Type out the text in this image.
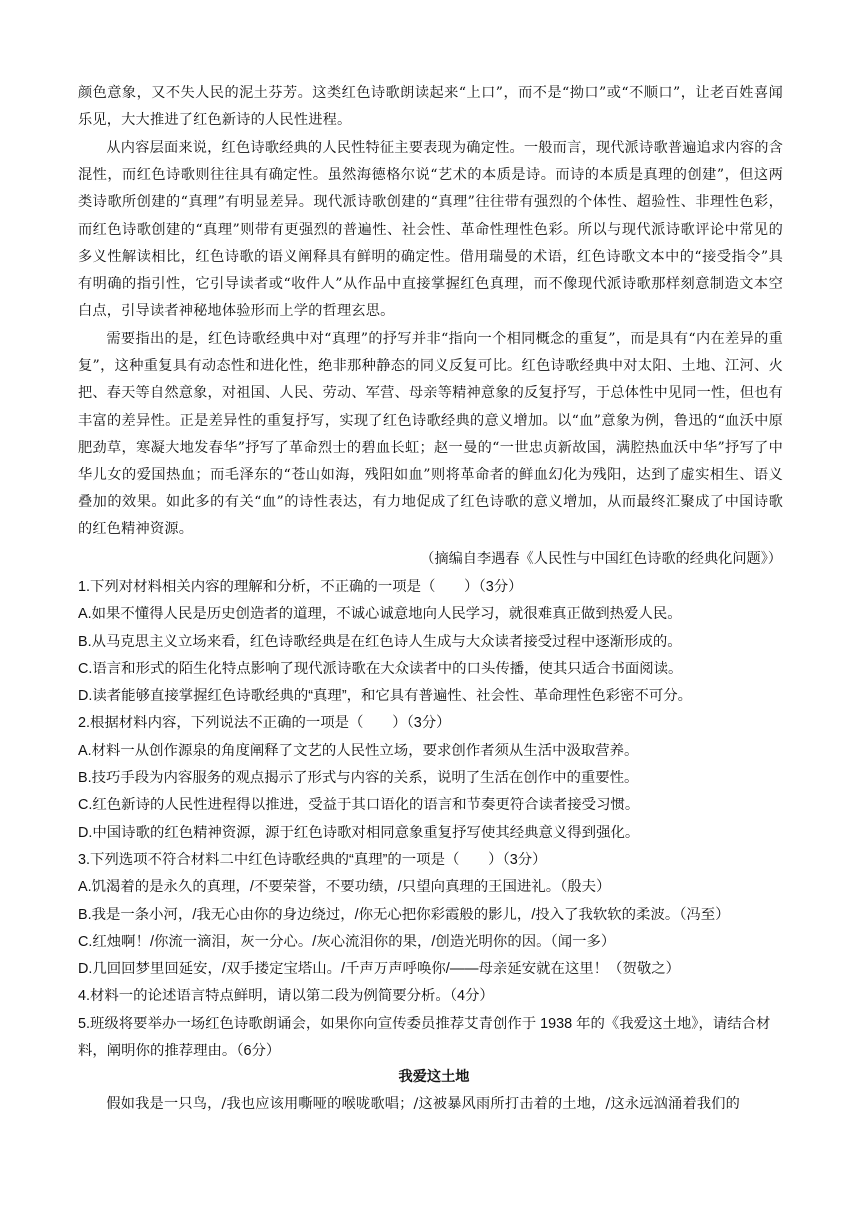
颜色意象，又不失人民的泥土芬芳。这类红色诗歌朗读起来“上口”，而不是“拗口”或“不顺口”，让老百姓喜闻乐见，大大推进了红色新诗的人民性进程。

从内容层面来说，红色诗歌经典的人民性特征主要表现为确定性。一般而言，现代派诗歌普遍追求内容的含混性，而红色诗歌则往往具有确定性。虽然海德格尔说“艺术的本质是诗。而诗的本质是真理的创建”，但这两类诗歌所创建的“真理”有明显差异。现代派诗歌创建的“真理”往往带有强烈的个体性、超验性、非理性色彩，而红色诗歌创建的“真理”则带有更强烈的普遍性、社会性、革命性理性色彩。所以与现代派诗歌评论中常见的多义性解读相比，红色诗歌的语义阐释具有鲜明的确定性。借用瑞曼的术语，红色诗歌文本中的“接受指令”具有明确的指引性，它引导读者或“收件人”从作品中直接掌握红色真理，而不像现代派诗歌那样刻意制造文本空白点，引导读者神秘地体验形而上学的哲理玄思。

需要指出的是，红色诗歌经典中对“真理”的抒写并非“指向一个相同概念的重复”，而是具有“内在差异的重复”，这种重复具有动态性和进化性，绝非那种静态的同义反复可比。红色诗歌经典中对太阳、土地、江河、火把、春天等自然意象，对祖国、人民、劳动、军营、母亲等精神意象的反复抒写，于总体性中见同一性，但也有丰富的差异性。正是差异性的重复抒写，实现了红色诗歌经典的意义增加。以“血”意象为例，鲁迅的“血沃中原肥劲草，寒凝大地发春华”抒写了革命烈士的碧血长虹；赵一曼的“一世忠贞新故国，满腔热血沃中华”抒写了中华儿女的爱国热血；而毛泽东的“苍山如海，残阳如血”则将革命者的鲜血幻化为残阳，达到了虚实相生、语义叠加的效果。如此多的有关“血”的诗性表达，有力地促成了红色诗歌的意义增加，从而最终汇聚成了中国诗歌的红色精神资源。

（摘编自李遇春《人民性与中国红色诗歌的经典化问题》）

1.下列对材料相关内容的理解和分析，不正确的一项是（　　）（3分）

A.如果不懂得人民是历史创造者的道理，不诚心诚意地向人民学习，就很难真正做到热爱人民。

B.从马克思主义立场来看，红色诗歌经典是在红色诗人生成与大众读者接受过程中逐渐形成的。

C.语言和形式的陌生化特点影响了现代派诗歌在大众读者中的口头传播，使其只适合书面阅读。

D.读者能够直接掌握红色诗歌经典的“真理”，和它具有普遍性、社会性、革命理性色彩密不可分。

2.根据材料内容，下列说法不正确的一项是（　　）（3分）

A.材料一从创作源泉的角度阐释了文艺的人民性立场，要求创作者须从生活中汲取营养。

B.技巧手段为内容服务的观点揭示了形式与内容的关系，说明了生活在创作中的重要性。

C.红色新诗的人民性进程得以推进，受益于其口语化的语言和节奏更符合读者接受习惯。

D.中国诗歌的红色精神资源，源于红色诗歌对相同意象重复抒写使其经典意义得到强化。

3.下列选项不符合材料二中红色诗歌经典的“真理”的一项是（　　）（3分）

A.饥渴着的是永久的真理，/不要荣誉，不要功绩，/只望向真理的王国进礼。（殷夫）

B.我是一条小河，/我无心由你的身边绕过，/你无心把你彩霞般的影儿，/投入了我软软的柔波。（冯至）

C.红烛啊！/你流一滴泪，灰一分心。/灰心流泪你的果，/创造光明你的因。（闻一多）

D.几回回梦里回延安，/双手搂定宝塔山。/千声万声呼唤你/——母亲延安就在这里！（贺敬之）

4.材料一的论述语言特点鲜明，请以第二段为例简要分析。（4分）

5.班级将要举办一场红色诗歌朗诵会，如果你向宣传委员推荐艾青创作于 1938 年的《我爱这土地》，请结合材料，阐明你的推荐理由。（6分）

我爱这土地

假如我是一只鸟，/我也应该用嘶哑的喉咙歌唱；/这被暴风雨所打击着的土地，/这永远汹涌着我们的
